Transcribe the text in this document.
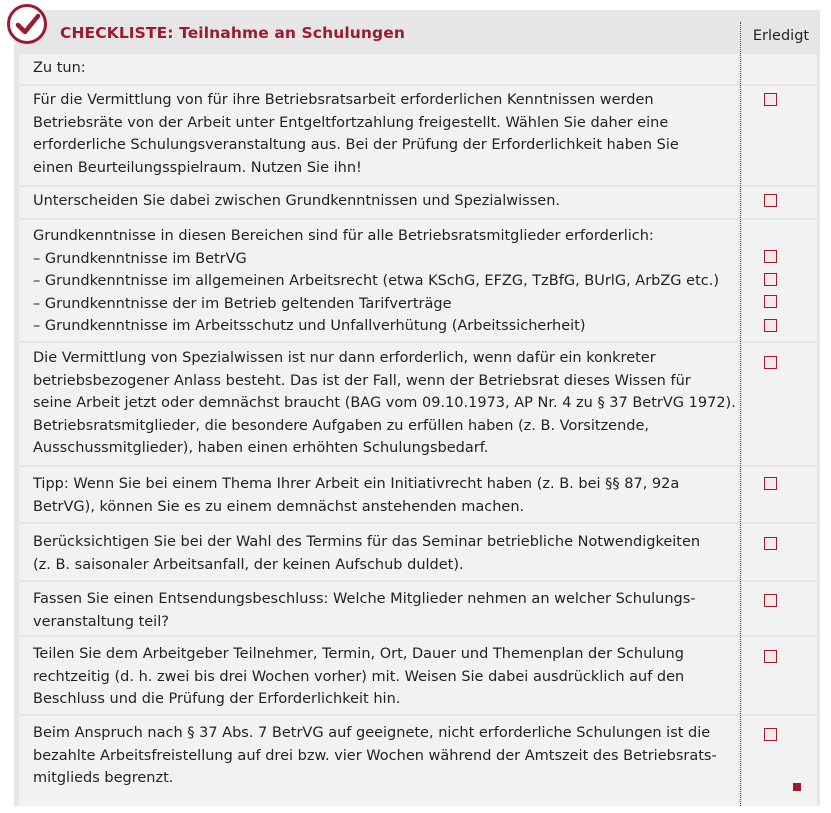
CHECKLISTE: Teilnahme an Schulungen	Erledigt
Zu tun:
Für die Vermittlung von für ihre Betriebsratsarbeit erforderlichen Kenntnissen werden
Betriebsräte von der Arbeit unter Entgeltfortzahlung freigestellt. Wählen Sie daher eine
erforderliche Schulungsveranstaltung aus. Bei der Prüfung der Erforderlichkeit haben Sie
einen Beurteilungsspielraum. Nutzen Sie ihn!
Unterscheiden Sie dabei zwischen Grundkenntnissen und Spezialwissen.
Grundkenntnisse in diesen Bereichen sind für alle Betriebsratsmitglieder erforderlich:
– Grundkenntnisse im BetrVG
– Grundkenntnisse im allgemeinen Arbeitsrecht (etwa KSchG, EFZG, TzBfG, BUrlG, ArbZG etc.)
– Grundkenntnisse der im Betrieb geltenden Tarifverträge
– Grundkenntnisse im Arbeitsschutz und Unfallverhütung (Arbeitssicherheit)
Die Vermittlung von Spezialwissen ist nur dann erforderlich, wenn dafür ein konkreter
betriebsbezogener Anlass besteht. Das ist der Fall, wenn der Betriebsrat dieses Wissen für
seine Arbeit jetzt oder demnächst braucht (BAG vom 09.10.1973, AP Nr. 4 zu § 37 BetrVG 1972).
Betriebsratsmitglieder, die besondere Aufgaben zu erfüllen haben (z. B. Vorsitzende,
Ausschussmitglieder), haben einen erhöhten Schulungsbedarf.
Tipp: Wenn Sie bei einem Thema Ihrer Arbeit ein Initiativrecht haben (z. B. bei §§ 87, 92a
BetrVG), können Sie es zu einem demnächst anstehenden machen.
Berücksichtigen Sie bei der Wahl des Termins für das Seminar betriebliche Notwendigkeiten
(z. B. saisonaler Arbeitsanfall, der keinen Aufschub duldet).
Fassen Sie einen Entsendungsbeschluss: Welche Mitglieder nehmen an welcher Schulungs-
veranstaltung teil?
Teilen Sie dem Arbeitgeber Teilnehmer, Termin, Ort, Dauer und Themenplan der Schulung
rechtzeitig (d. h. zwei bis drei Wochen vorher) mit. Weisen Sie dabei ausdrücklich auf den
Beschluss und die Prüfung der Erforderlichkeit hin.
Beim Anspruch nach § 37 Abs. 7 BetrVG auf geeignete, nicht erforderliche Schulungen ist die
bezahlte Arbeitsfreistellung auf drei bzw. vier Wochen während der Amtszeit des Betriebsrats-
mitglieds begrenzt.
